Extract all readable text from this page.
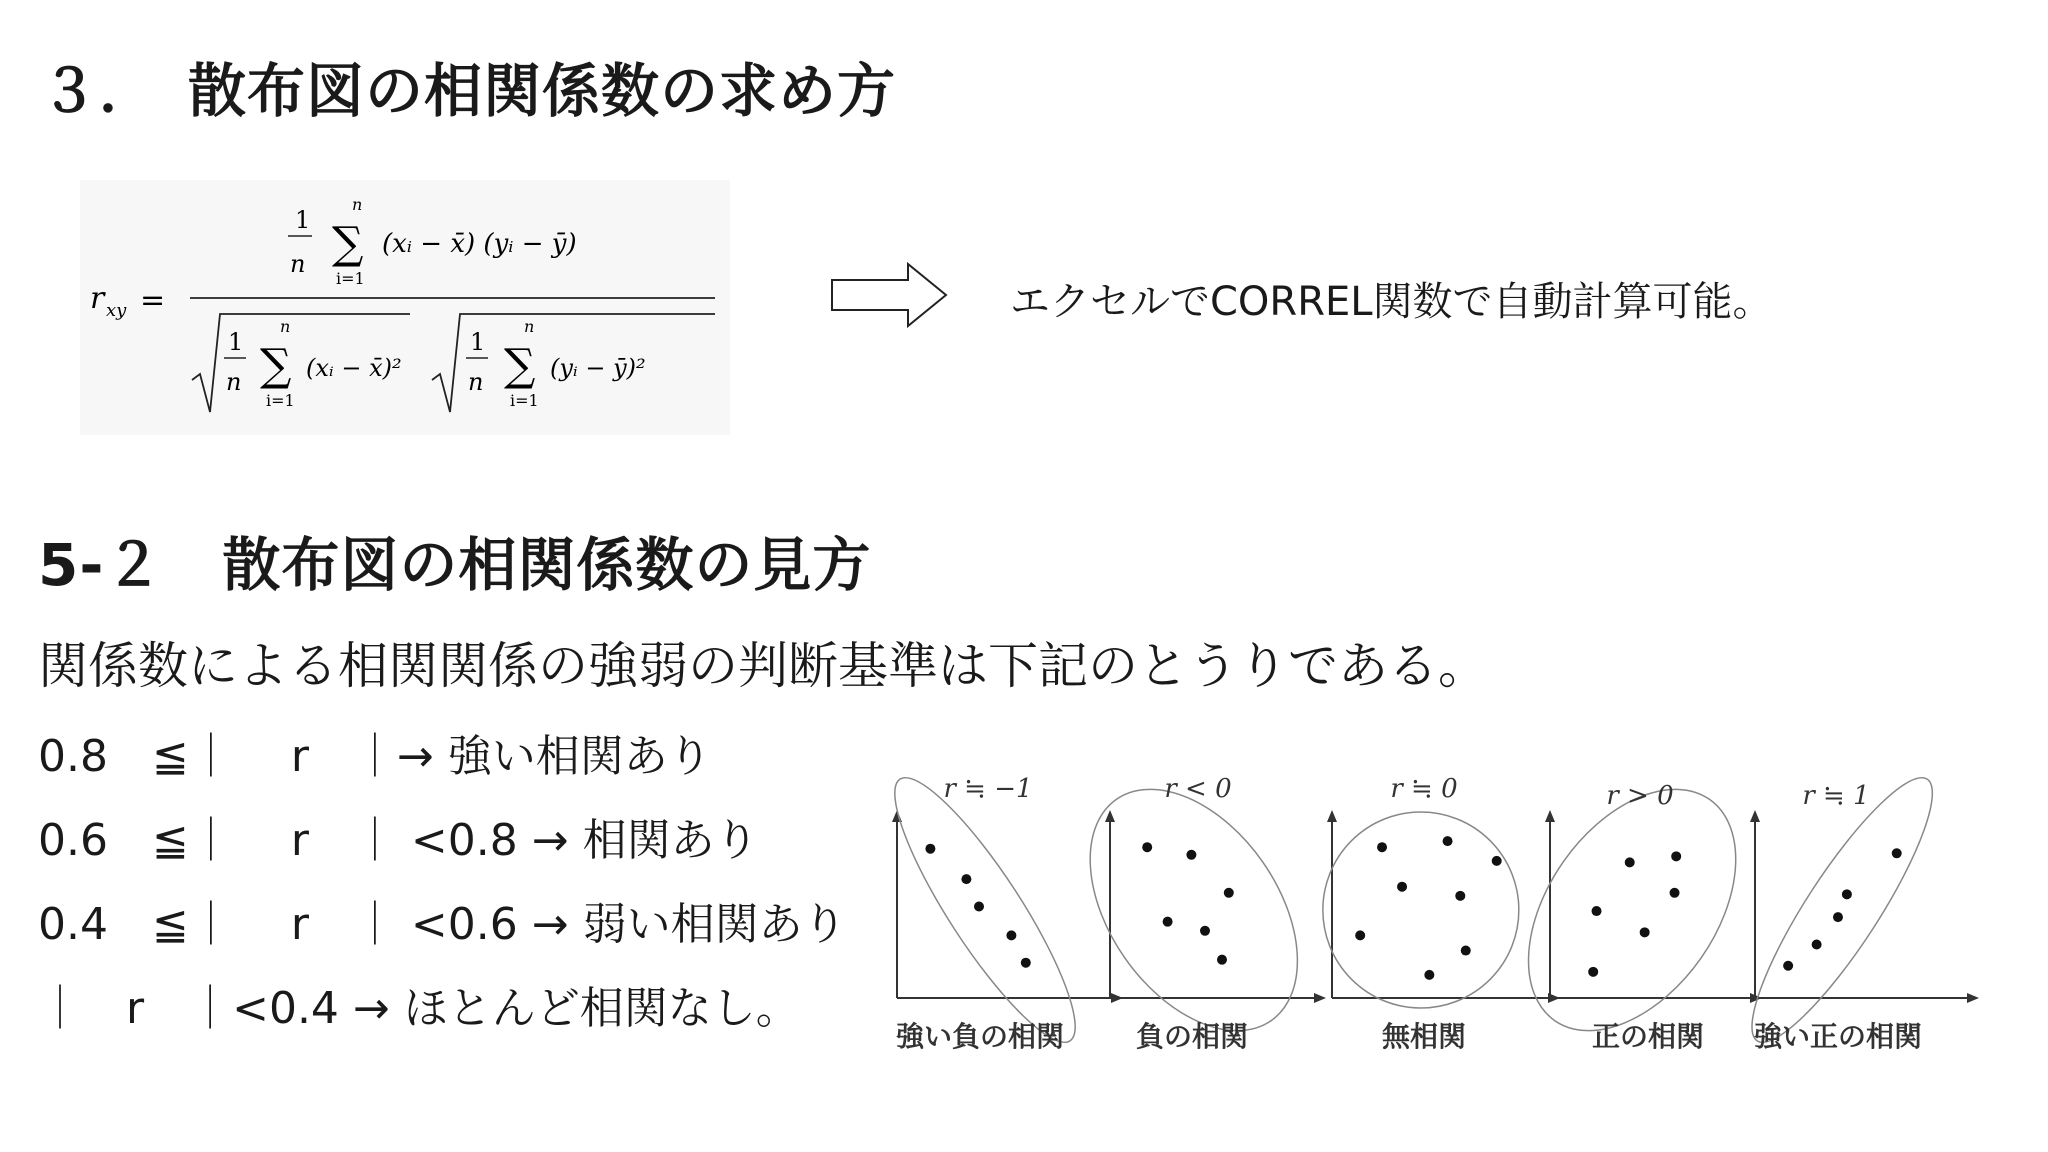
３．　散布図の相関係数の求め方
r xy =
1
n
n
∑
i=1
(xᵢ − x̄) (yᵢ − ȳ)
1
n
n
∑
i=1
(xᵢ − x̄)²
1
n
n
∑
i=1
(yᵢ − ȳ)²
エクセルでCORREL関数で自動計算可能。
5-２　散布図の相関係数の見方
関係数による相関関係の強弱の判断基準は下記のとうりである。
0.8　≦｜　 r　｜→ 強い相関あり
0.6　≦｜　 r　｜ <0.8 → 相関あり
0.4　≦｜　 r　｜ <0.6 → 弱い相関あり
｜　r　｜<0.4 → ほとんど相関なし。
r ≒ −1
強い負の相関
r < 0
負の相関
r ≒ 0
無相関
r > 0
正の相関
r ≒ 1
強い正の相関
